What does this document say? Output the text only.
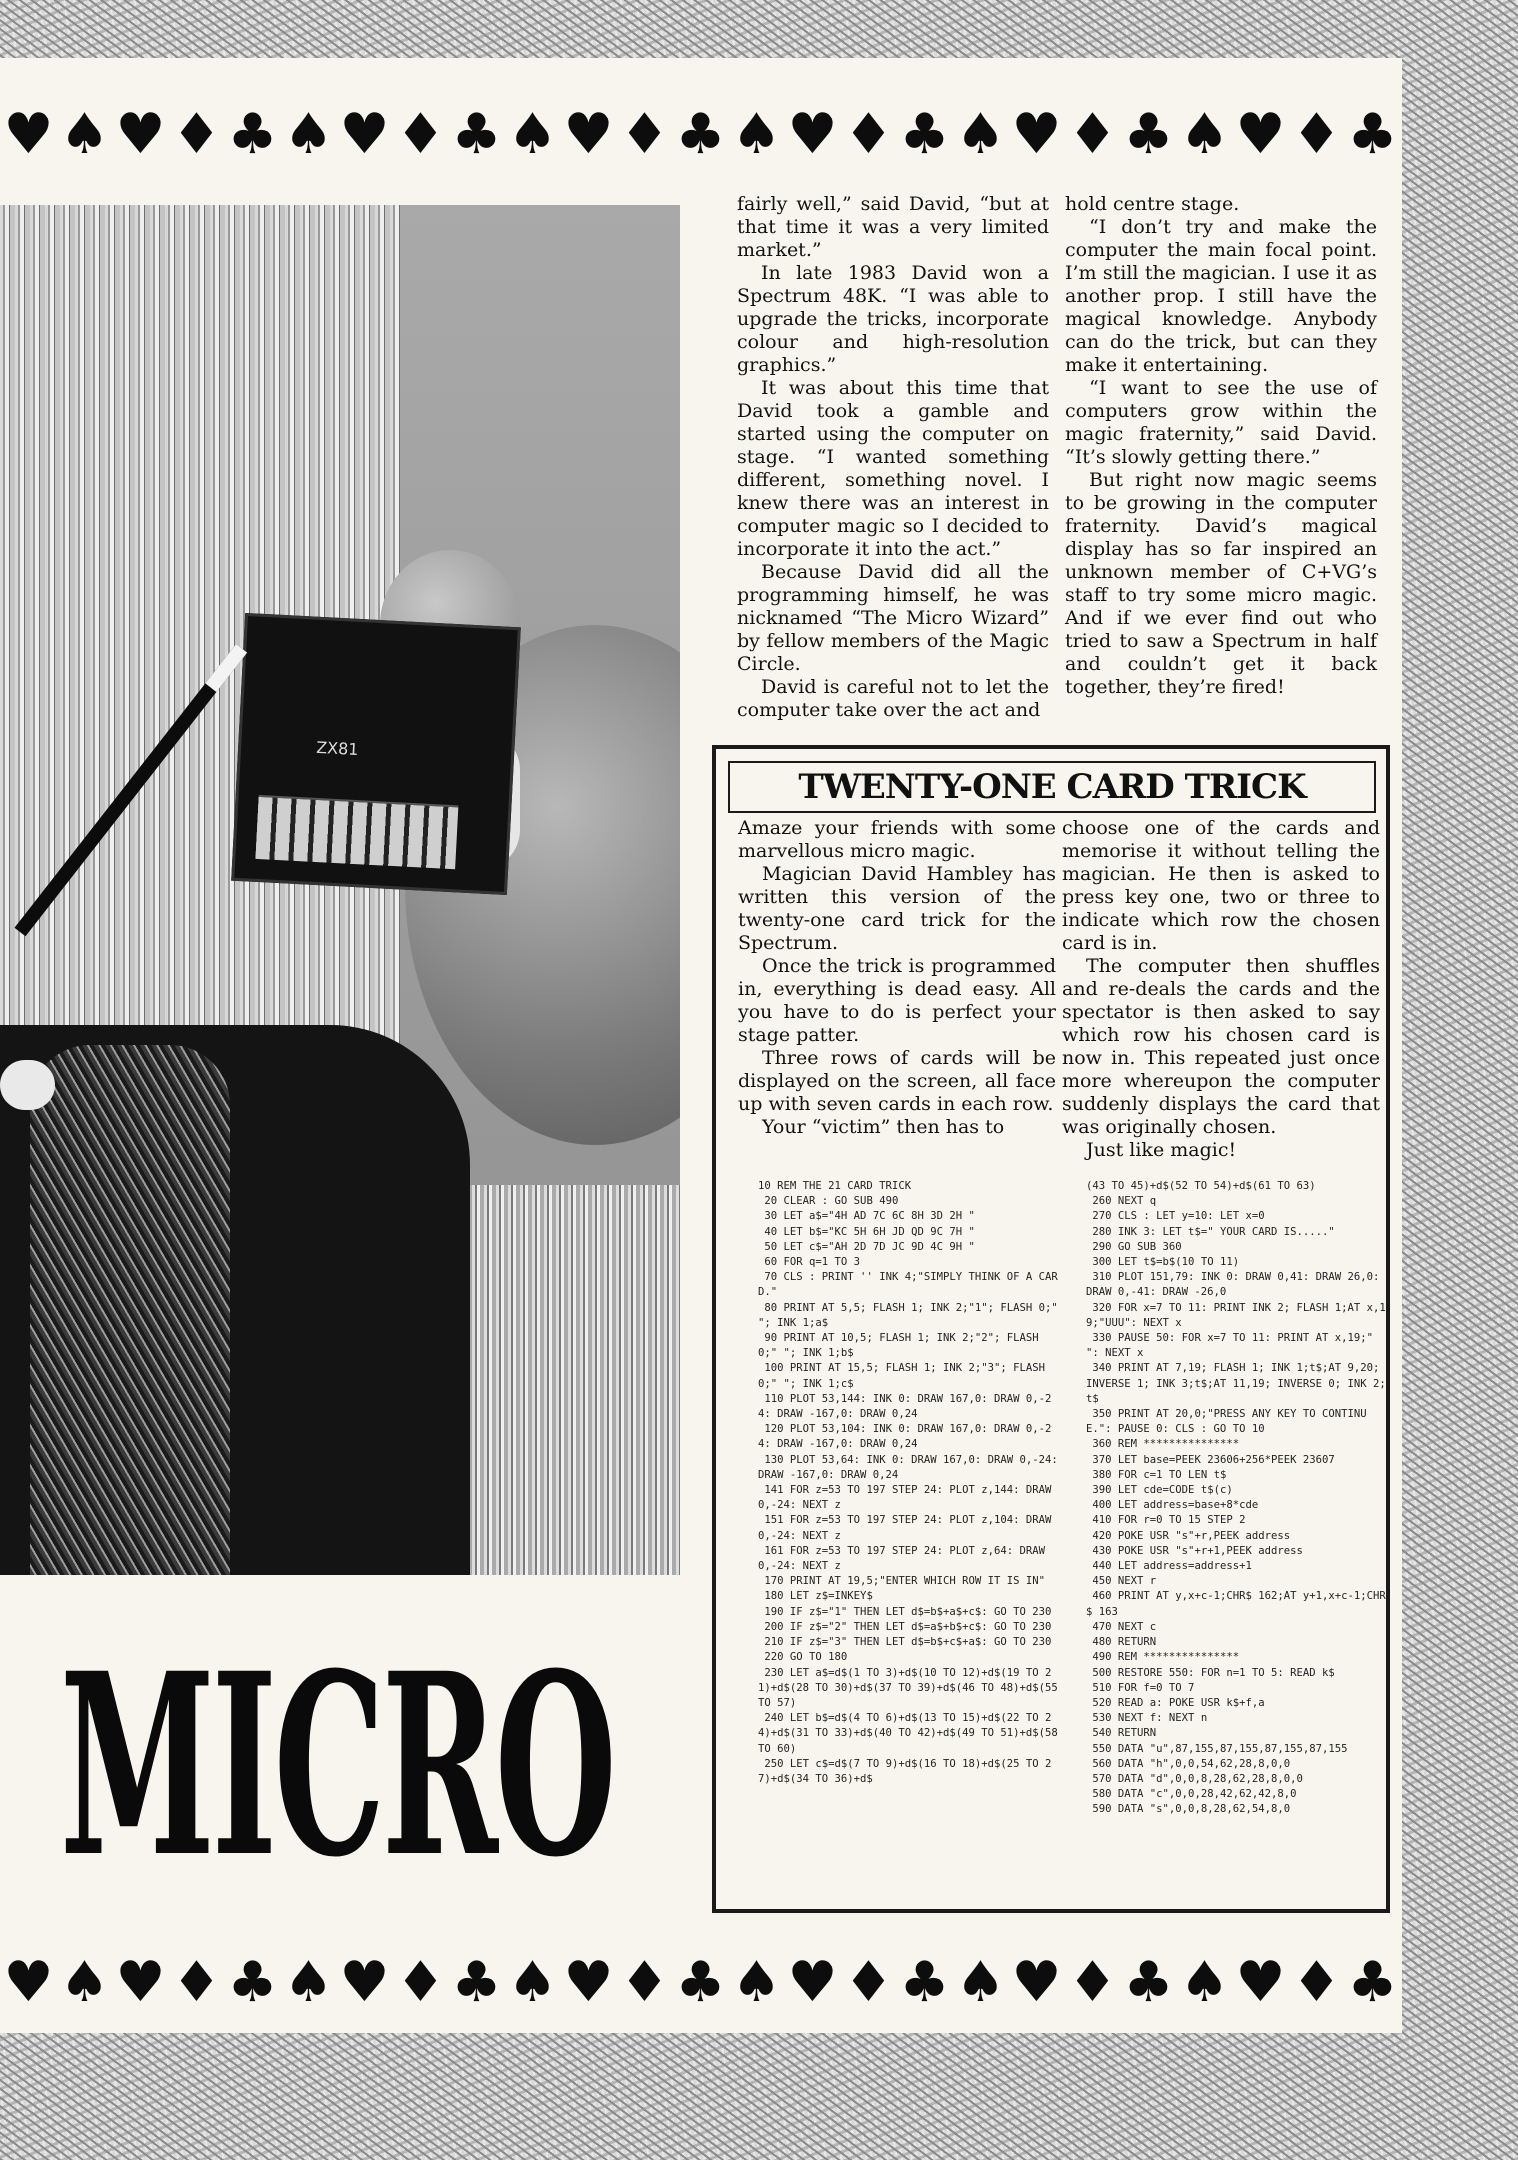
♥ ♠ ♥ ♦ ♣ ♠ ♥ ♦ ♣ ♠ ♥ ♦ ♣ ♠ ♥ ♦ ♣ ♠ ♥ ♦ ♣ ♠ ♥ ♦ ♣
♥ ♠ ♥ ♦ ♣ ♠ ♥ ♦ ♣ ♠ ♥ ♦ ♣ ♠ ♥ ♦ ♣ ♠ ♥ ♦ ♣ ♠ ♥ ♦ ♣
ZX81
MICRO

fairly well,” said David, “but at that time it was a very limited market.”

In late 1983 David won a Spectrum 48K. “I was able to upgrade the tricks, incorporate colour and high-resolution graphics.”

It was about this time that David took a gamble and started using the computer on stage. “I wanted something different, something novel. I knew there was an interest in computer magic so I decided to incorporate it into the act.”

Because David did all the programming himself, he was nicknamed “The Micro Wizard” by fellow members of the Magic Circle.

David is careful not to let the computer take over the act and

hold centre stage.

“I don’t try and make the computer the main focal point. I’m still the magician. I use it as another prop. I still have the magical knowledge. Anybody can do the trick, but can they make it entertaining.

“I want to see the use of computers grow within the magic fraternity,” said David. “It’s slowly getting there.”

But right now magic seems to be growing in the computer fraternity. David’s magical display has so far inspired an unknown member of C+VG’s staff to try some micro magic. And if we ever find out who tried to saw a Spectrum in half and couldn’t get it back together, they’re fired!

TWENTY-ONE CARD TRICK

Amaze your friends with some marvellous micro magic.

Magician David Hambley has written this version of the twenty-one card trick for the Spectrum.

Once the trick is programmed in, everything is dead easy. All you have to do is perfect your stage patter.

Three rows of cards will be displayed on the screen, all face up with seven cards in each row.

Your “victim” then has to

choose one of the cards and memorise it without telling the magician. He then is asked to press key one, two or three to indicate which row the chosen card is in.

The computer then shuffles and re-deals the cards and the spectator is then asked to say which row his chosen card is now in. This repeated just once more whereupon the computer suddenly displays the card that was originally chosen.

Just like magic!

10 REM THE 21 CARD TRICK
20 CLEAR : GO SUB 490
30 LET a$="4H AD 7C 6C 8H 3D 2H "
40 LET b$="KC 5H 6H JD QD 9C 7H "
50 LET c$="AH 2D 7D JC 9D 4C 9H "
60 FOR q=1 TO 3
70 CLS : PRINT '' INK 4;"SIMPLY THINK OF A CARD."
80 PRINT AT 5,5; FLASH 1; INK 2;"1"; FLASH 0;" "; INK 1;a$
90 PRINT AT 10,5; FLASH 1; INK 2;"2"; FLASH 0;" "; INK 1;b$
100 PRINT AT 15,5; FLASH 1; INK 2;"3"; FLASH 0;" "; INK 1;c$
110 PLOT 53,144: INK 0: DRAW 167,0: DRAW 0,-24: DRAW -167,0: DRAW 0,24
120 PLOT 53,104: INK 0: DRAW 167,0: DRAW 0,-24: DRAW -167,0: DRAW 0,24
130 PLOT 53,64: INK 0: DRAW 167,0: DRAW 0,-24: DRAW -167,0: DRAW 0,24
141 FOR z=53 TO 197 STEP 24: PLOT z,144: DRAW 0,-24: NEXT z
151 FOR z=53 TO 197 STEP 24: PLOT z,104: DRAW 0,-24: NEXT z
161 FOR z=53 TO 197 STEP 24: PLOT z,64: DRAW 0,-24: NEXT z
170 PRINT AT 19,5;"ENTER WHICH ROW IT IS IN"
180 LET z$=INKEY$
190 IF z$="1" THEN LET d$=b$+a$+c$: GO TO 230
200 IF z$="2" THEN LET d$=a$+b$+c$: GO TO 230
210 IF z$="3" THEN LET d$=b$+c$+a$: GO TO 230
220 GO TO 180
230 LET a$=d$(1 TO 3)+d$(10 TO 12)+d$(19 TO 21)+d$(28 TO 30)+d$(37 TO 39)+d$(46 TO 48)+d$(55 TO 57)
240 LET b$=d$(4 TO 6)+d$(13 TO 15)+d$(22 TO 24)+d$(31 TO 33)+d$(40 TO 42)+d$(49 TO 51)+d$(58 TO 60)
250 LET c$=d$(7 TO 9)+d$(16 TO 18)+d$(25 TO 27)+d$(34 TO 36)+d$
(43 TO 45)+d$(52 TO 54)+d$(61 TO 63)
260 NEXT q
270 CLS : LET y=10: LET x=0
280 INK 3: LET t$=" YOUR CARD IS....."
290 GO SUB 360
300 LET t$=b$(10 TO 11)
310 PLOT 151,79: INK 0: DRAW 0,41: DRAW 26,0: DRAW 0,-41: DRAW -26,0
320 FOR x=7 TO 11: PRINT INK 2; FLASH 1;AT x,19;"UUU": NEXT x
330 PAUSE 50: FOR x=7 TO 11: PRINT AT x,19;"   ": NEXT x
340 PRINT AT 7,19; FLASH 1; INK 1;t$;AT 9,20; INVERSE 1; INK 3;t$;AT 11,19; INVERSE 0; INK 2;t$
350 PRINT AT 20,0;"PRESS ANY KEY TO CONTINUE.": PAUSE 0: CLS : GO TO 10
360 REM ***************
370 LET base=PEEK 23606+256*PEEK 23607
380 FOR c=1 TO LEN t$
390 LET cde=CODE t$(c)
400 LET address=base+8*cde
410 FOR r=0 TO 15 STEP 2
420 POKE USR "s"+r,PEEK address
430 POKE USR "s"+r+1,PEEK address
440 LET address=address+1
450 NEXT r
460 PRINT AT y,x+c-1;CHR$ 162;AT y+1,x+c-1;CHR$ 163
470 NEXT c
480 RETURN
490 REM ***************
500 RESTORE 550: FOR n=1 TO 5: READ k$
510 FOR f=0 TO 7
520 READ a: POKE USR k$+f,a
530 NEXT f: NEXT n
540 RETURN
550 DATA "u",87,155,87,155,87,155,87,155
560 DATA "h",0,0,54,62,28,8,0,0
570 DATA "d",0,0,8,28,62,28,8,0,0
580 DATA "c",0,0,28,42,62,42,8,0
590 DATA "s",0,0,8,28,62,54,8,0
